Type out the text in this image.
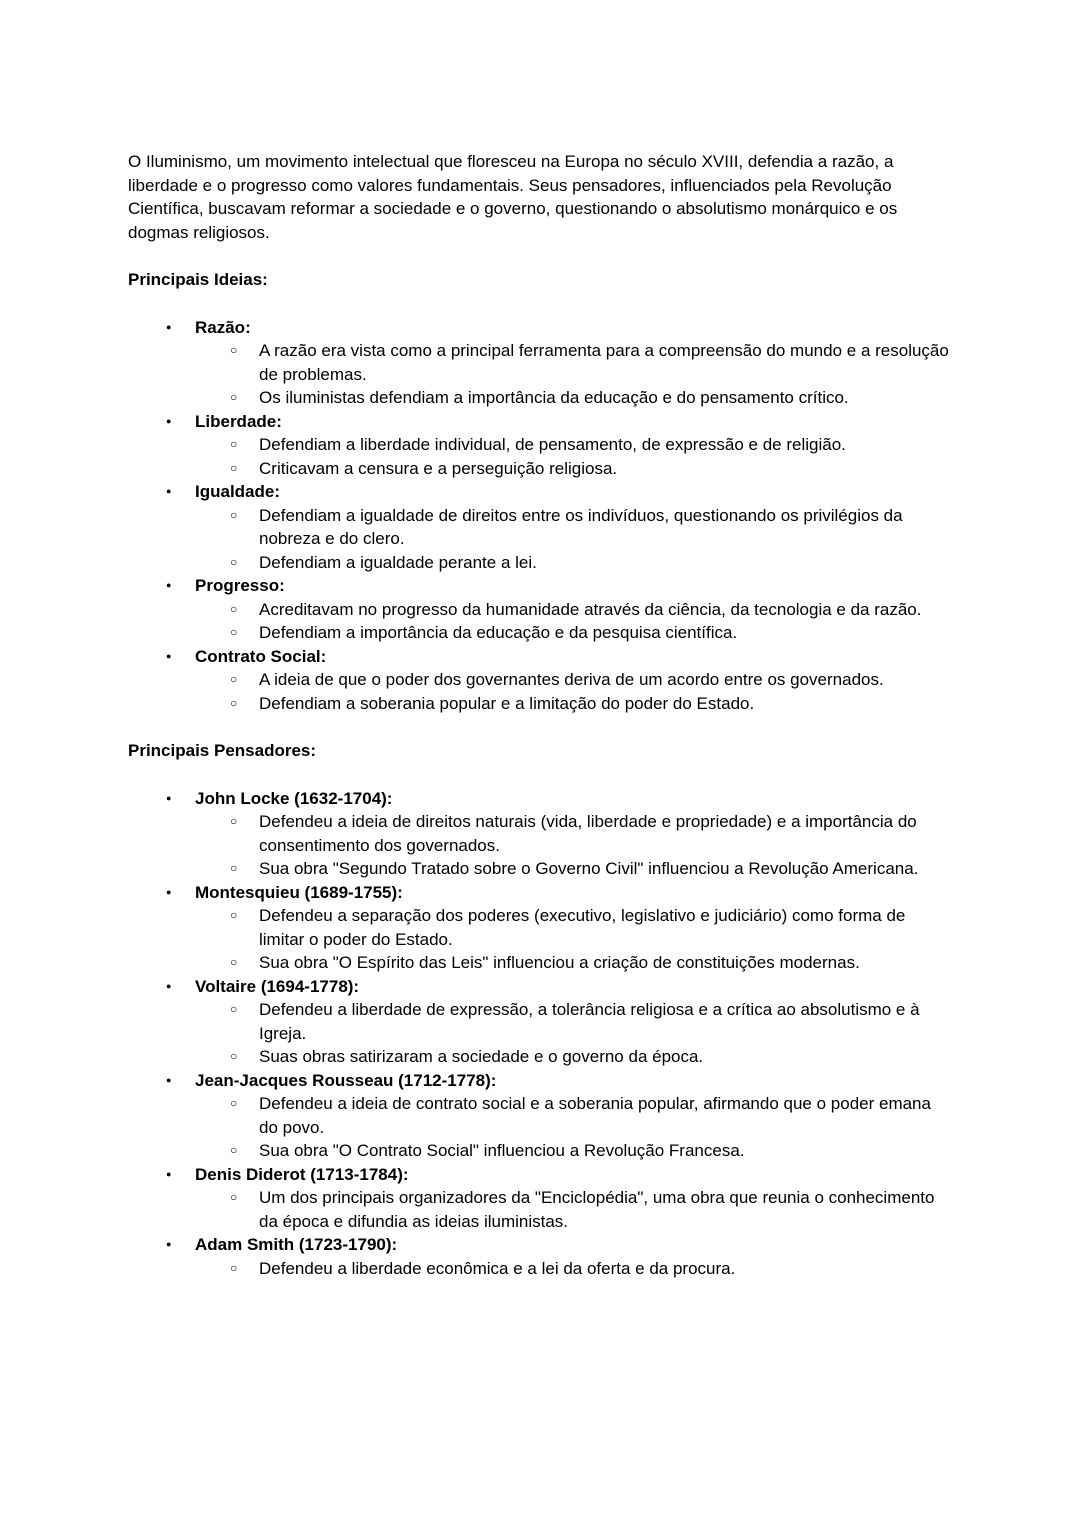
O Iluminismo, um movimento intelectual que floresceu na Europa no século XVIII, defendia a razão, a liberdade e o progresso como valores fundamentais. Seus pensadores, influenciados pela Revolução Científica, buscavam reformar a sociedade e o governo, questionando o absolutismo monárquico e os dogmas religiosos.

Principais Ideias:
●	Razão:
○	A razão era vista como a principal ferramenta para a compreensão do mundo e a resolução de problemas.
○	Os iluministas defendiam a importância da educação e do pensamento crítico.
●	Liberdade:
○	Defendiam a liberdade individual, de pensamento, de expressão e de religião.
○	Criticavam a censura e a perseguição religiosa.
●	Igualdade:
○	Defendiam a igualdade de direitos entre os indivíduos, questionando os privilégios da nobreza e do clero.
○	Defendiam a igualdade perante a lei.
●	Progresso:
○	Acreditavam no progresso da humanidade através da ciência, da tecnologia e da razão.
○	Defendiam a importância da educação e da pesquisa científica.
●	Contrato Social:
○	A ideia de que o poder dos governantes deriva de um acordo entre os governados.
○	Defendiam a soberania popular e a limitação do poder do Estado.
Principais Pensadores:
●	John Locke (1632-1704):
○	Defendeu a ideia de direitos naturais (vida, liberdade e propriedade) e a importância do consentimento dos governados.
○	Sua obra "Segundo Tratado sobre o Governo Civil" influenciou a Revolução Americana.
●	Montesquieu (1689-1755):
○	Defendeu a separação dos poderes (executivo, legislativo e judiciário) como forma de limitar o poder do Estado.
○	Sua obra "O Espírito das Leis" influenciou a criação de constituições modernas.
●	Voltaire (1694-1778):
○	Defendeu a liberdade de expressão, a tolerância religiosa e a crítica ao absolutismo e à Igreja.
○	Suas obras satirizaram a sociedade e o governo da época.
●	Jean-Jacques Rousseau (1712-1778):
○	Defendeu a ideia de contrato social e a soberania popular, afirmando que o poder emana do povo.
○	Sua obra "O Contrato Social" influenciou a Revolução Francesa.
●	Denis Diderot (1713-1784):
○	Um dos principais organizadores da "Enciclopédia", uma obra que reunia o conhecimento da época e difundia as ideias iluministas.
●	Adam Smith (1723-1790):
○	Defendeu a liberdade econômica e a lei da oferta e da procura.
